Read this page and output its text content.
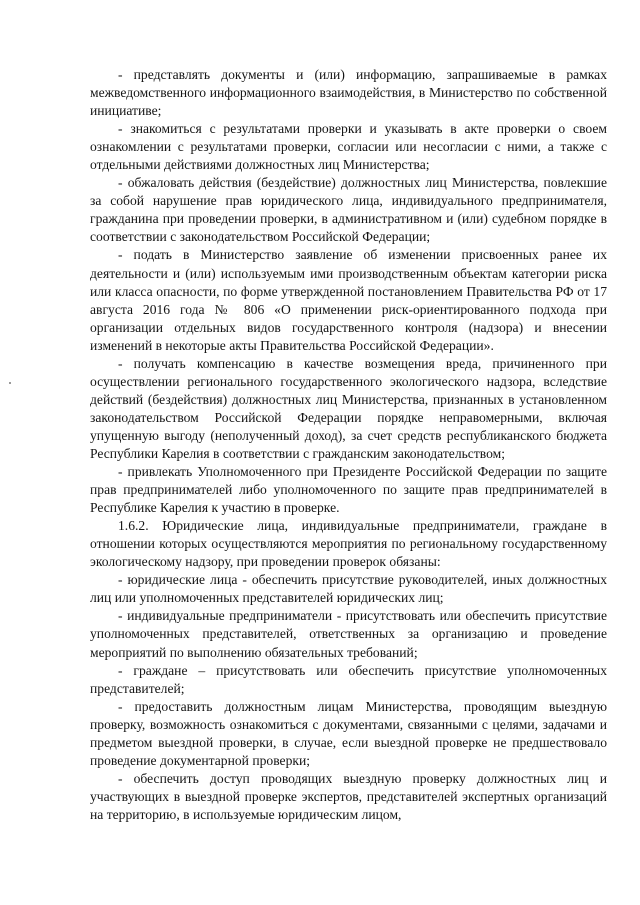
- представлять документы и (или) информацию, запрашиваемые в рамках межведомственного информационного взаимодействия, в Министерство по собственной инициативе;

- знакомиться с результатами проверки и указывать в акте проверки о своем ознакомлении с результатами проверки, согласии или несогласии с ними, а также с отдельными действиями должностных лиц Министерства;

- обжаловать действия (бездействие) должностных лиц Министерства, повлекшие за собой нарушение прав юридического лица, индивидуального предпринимателя, гражданина при проведении проверки, в административном и (или) судебном порядке в соответствии с законодательством Российской Федерации;

- подать в Министерство заявление об изменении присвоенных ранее их деятельности и (или) используемым ими производственным объектам категории риска или класса опасности, по форме утвержденной постановлением Правительства РФ от 17 августа 2016 года № 806 «О применении риск-ориентированного подхода при организации отдельных видов государственного контроля (надзора) и внесении изменений в некоторые акты Правительства Российской Федерации».

- получать компенсацию в качестве возмещения вреда, причиненного при осуществлении регионального государственного экологического надзора, вследствие действий (бездействия) должностных лиц Министерства, признанных в установленном законодательством Российской Федерации порядке неправомерными, включая упущенную выгоду (неполученный доход), за счет средств республиканского бюджета Республики Карелия в соответствии с гражданским законодательством;

- привлекать Уполномоченного при Президенте Российской Федерации по защите прав предпринимателей либо уполномоченного по защите прав предпринимателей в Республике Карелия к участию в проверке.

1.6.2. Юридические лица, индивидуальные предприниматели, граждане в отношении которых осуществляются мероприятия по региональному государственному экологическому надзору, при проведении проверок обязаны:

- юридические лица - обеспечить присутствие руководителей, иных должностных лиц или уполномоченных представителей юридических лиц;

- индивидуальные предприниматели - присутствовать или обеспечить присутствие уполномоченных представителей, ответственных за организацию и проведение мероприятий по выполнению обязательных требований;

- граждане – присутствовать или обеспечить присутствие уполномоченных представителей;

- предоставить должностным лицам Министерства, проводящим выездную проверку, возможность ознакомиться с документами, связанными с целями, задачами и предметом выездной проверки, в случае, если выездной проверке не предшествовало проведение документарной проверки;

- обеспечить доступ проводящих выездную проверку должностных лиц и участвующих в выездной проверке экспертов, представителей экспертных организаций на территорию, в используемые юридическим лицом,
